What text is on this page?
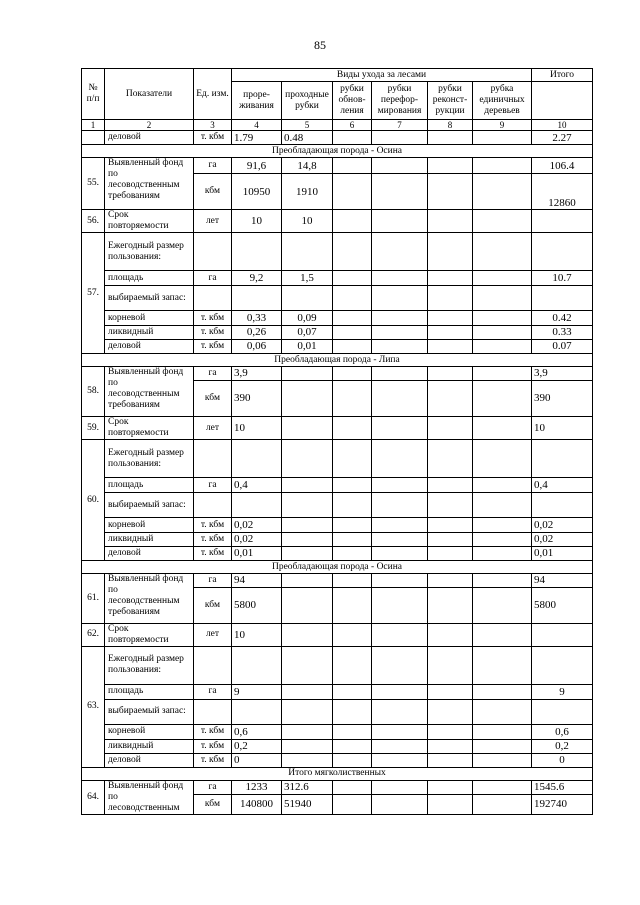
85
№ п/п	Показатели	Ед. изм.	Виды ухода за лесами						Итого
			прорe-живания	проходные рубки	рубки обнов-ления	рубки перефор-мирования	рубки реконст-рукции	рубка единичных деревьев	
1	2	3	4	5	6	7	8	9	10
	деловой	т. кбм	1.79	0.48					2.27
Преобладающая порода - Осина									
55.	Выявленный фонд по лесоводственным требованиям	га	91,6	14,8					106.4
		кбм	10950	1910					12860
56.	Срок повторяемости	лет	10	10					
57.	Ежегодный размер пользования:								
	площадь	га	9,2	1,5					10.7
	выбираемый запас:								
	корневой	т. кбм	0,33	0,09					0.42
	ликвидный	т. кбм	0,26	0,07					0.33
	деловой	т. кбм	0,06	0,01					0.07
Преобладающая порода - Липа									
58.	Выявленный фонд по лесоводственным требованиям	га	3,9						3,9
		кбм	390						390
59.	Срок повторяемости	лет	10						10
60.	Ежегодный размер пользования:								
	площадь	га	0,4						0,4
	выбираемый запас:								
	корневой	т. кбм	0,02						0,02
	ликвидный	т. кбм	0,02						0,02
	деловой	т. кбм	0,01						0,01
Преобладающая порода - Осина									
61.	Выявленный фонд по лесоводственным требованиям	га	94						94
		кбм	5800						5800
62.	Срок повторяемости	лет	10						
63.	Ежегодный размер пользования:								
	площадь	га	9						9
	выбираемый запас:								
	корневой	т. кбм	0,6						0,6
	ликвидный	т. кбм	0,2						0,2
	деловой	т. кбм	0						0
Итого мягколиственных									
64.	Выявленный фонд по лесоводственным	га	1233	312.6					1545.6
		кбм	140800	51940					192740
